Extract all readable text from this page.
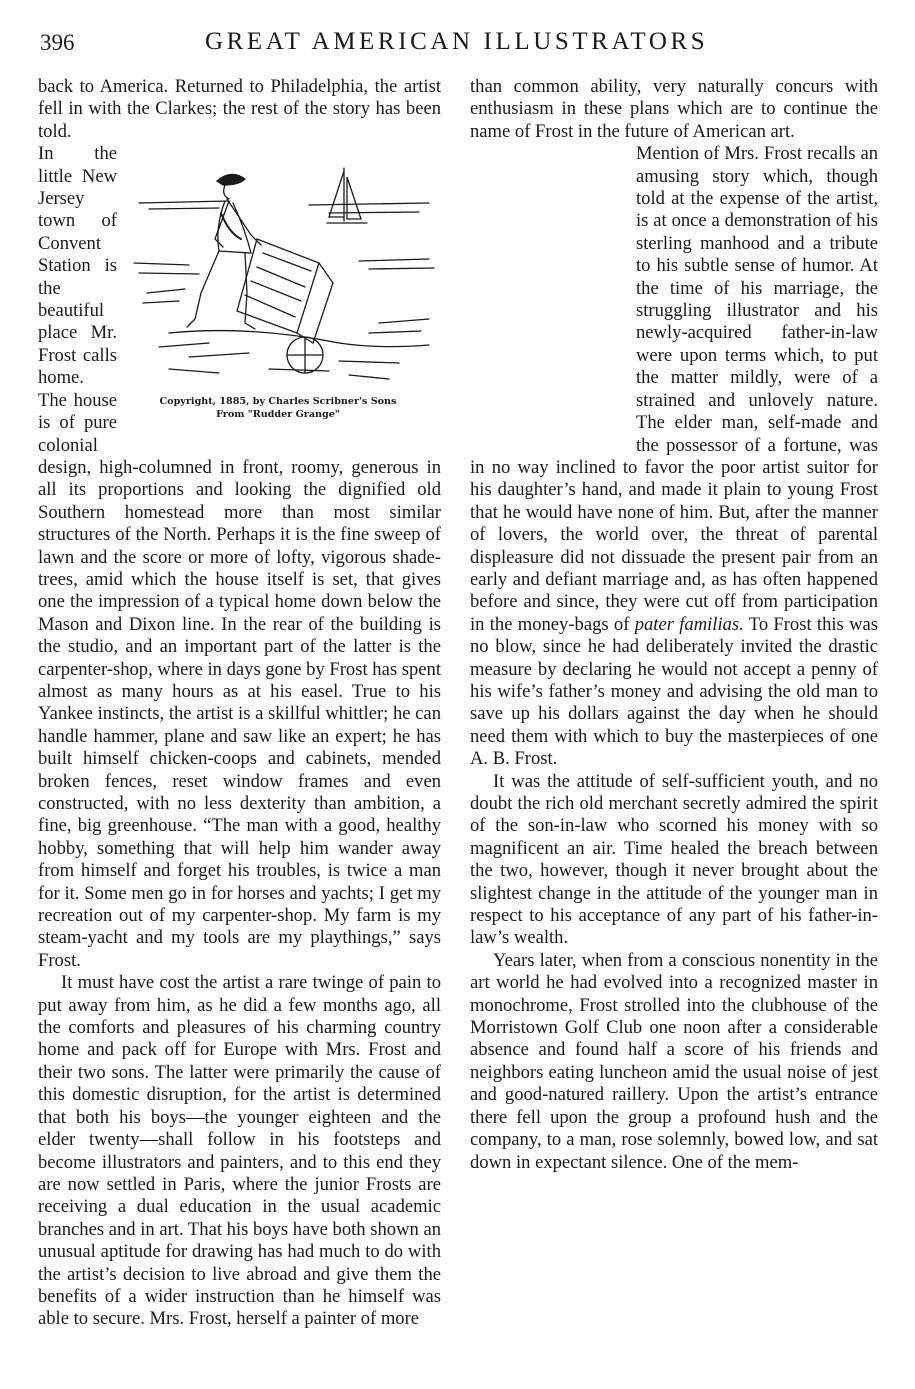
396	GREAT AMERICAN ILLUSTRATORS

back to America. Returned to Philadelphia, the artist fell in with the Clarkes; the rest of the story has been told.

Copyright, 1885, by Charles Scribner's Sons
From "Rudder Grange"

In the little New Jersey town of Convent Station is the beautiful place Mr. Frost calls home. The house is of pure colonial design, high-columned in front, roomy, generous in all its proportions and looking the dignified old Southern homestead more than most similar structures of the North. Perhaps it is the fine sweep of lawn and the score or more of lofty, vigorous shade-trees, amid which the house itself is set, that gives one the impression of a typical home down below the Mason and Dixon line. In the rear of the building is the studio, and an important part of the latter is the carpenter-shop, where in days gone by Frost has spent almost as many hours as at his easel. True to his Yankee instincts, the artist is a skillful whittler; he can handle hammer, plane and saw like an expert; he has built himself chicken-coops and cabinets, mended broken fences, reset window frames and even constructed, with no less dexterity than ambition, a fine, big greenhouse. “The man with a good, healthy hobby, something that will help him wander away from himself and forget his troubles, is twice a man for it. Some men go in for horses and yachts; I get my recreation out of my carpenter-shop. My farm is my steam-yacht and my tools are my playthings,” says Frost.

It must have cost the artist a rare twinge of pain to put away from him, as he did a few months ago, all the comforts and pleasures of his charming country home and pack off for Europe with Mrs. Frost and their two sons. The latter were primarily the cause of this domestic disruption, for the artist is determined that both his boys—the younger eighteen and the elder twenty—shall follow in his footsteps and become illustrators and painters, and to this end they are now settled in Paris, where the junior Frosts are receiving a dual education in the usual academic branches and in art. That his boys have both shown an unusual aptitude for drawing has had much to do with the artist’s decision to live abroad and give them the benefits of a wider instruction than he himself was able to secure. Mrs. Frost, herself a painter of more

than common ability, very naturally concurs with enthusiasm in these plans which are to continue the name of Frost in the future of American art.

Mention of Mrs. Frost recalls an amusing story which, though told at the expense of the artist, is at once a demonstration of his sterling manhood and a tribute to his subtle sense of humor. At the time of his marriage, the struggling illustrator and his newly-acquired father-in-law were upon terms which, to put the matter mildly, were of a strained and unlovely nature. The elder man, self-made and the possessor of a fortune, was in no way inclined to favor the poor artist suitor for his daughter’s hand, and made it plain to young Frost that he would have none of him. But, after the manner of lovers, the world over, the threat of parental displeasure did not dissuade the present pair from an early and defiant marriage and, as has often happened before and since, they were cut off from participation in the money-bags of pater familias. To Frost this was no blow, since he had deliberately invited the drastic measure by declaring he would not accept a penny of his wife’s father’s money and advising the old man to save up his dollars against the day when he should need them with which to buy the masterpieces of one A. B. Frost.

It was the attitude of self-sufficient youth, and no doubt the rich old merchant secretly admired the spirit of the son-in-law who scorned his money with so magnificent an air. Time healed the breach between the two, however, though it never brought about the slightest change in the attitude of the younger man in respect to his acceptance of any part of his father-in-law’s wealth.

Years later, when from a conscious nonentity in the art world he had evolved into a recognized master in monochrome, Frost strolled into the clubhouse of the Morristown Golf Club one noon after a considerable absence and found half a score of his friends and neighbors eating luncheon amid the usual noise of jest and good-natured raillery. Upon the artist’s entrance there fell upon the group a profound hush and the company, to a man, rose solemnly, bowed low, and sat down in expectant silence. One of the mem-
